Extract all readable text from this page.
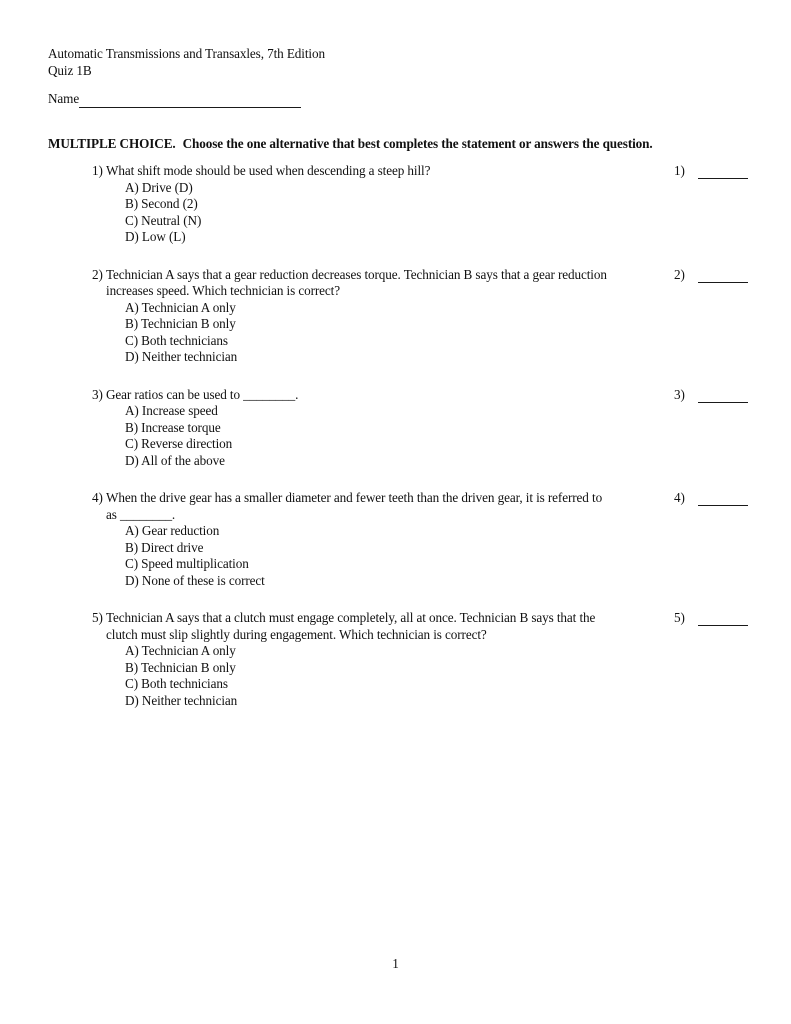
Automatic Transmissions and Transaxles, 7th Edition
Quiz 1B
Name
MULTIPLE CHOICE. Choose the one alternative that best completes the statement or answers the question.
1) What shift mode should be used when descending a steep hill?
A) Drive (D)
B) Second (2)
C) Neutral (N)
D) Low (L)
1)
2) Technician A says that a gear reduction decreases torque. Technician B says that a gear reduction
increases speed. Which technician is correct?
A) Technician A only
B) Technician B only
C) Both technicians
D) Neither technician
2)
3) Gear ratios can be used to ________.
A) Increase speed
B) Increase torque
C) Reverse direction
D) All of the above
3)
4) When the drive gear has a smaller diameter and fewer teeth than the driven gear, it is referred to
as ________.
A) Gear reduction
B) Direct drive
C) Speed multiplication
D) None of these is correct
4)
5) Technician A says that a clutch must engage completely, all at once. Technician B says that the
clutch must slip slightly during engagement. Which technician is correct?
A) Technician A only
B) Technician B only
C) Both technicians
D) Neither technician
5)
1
